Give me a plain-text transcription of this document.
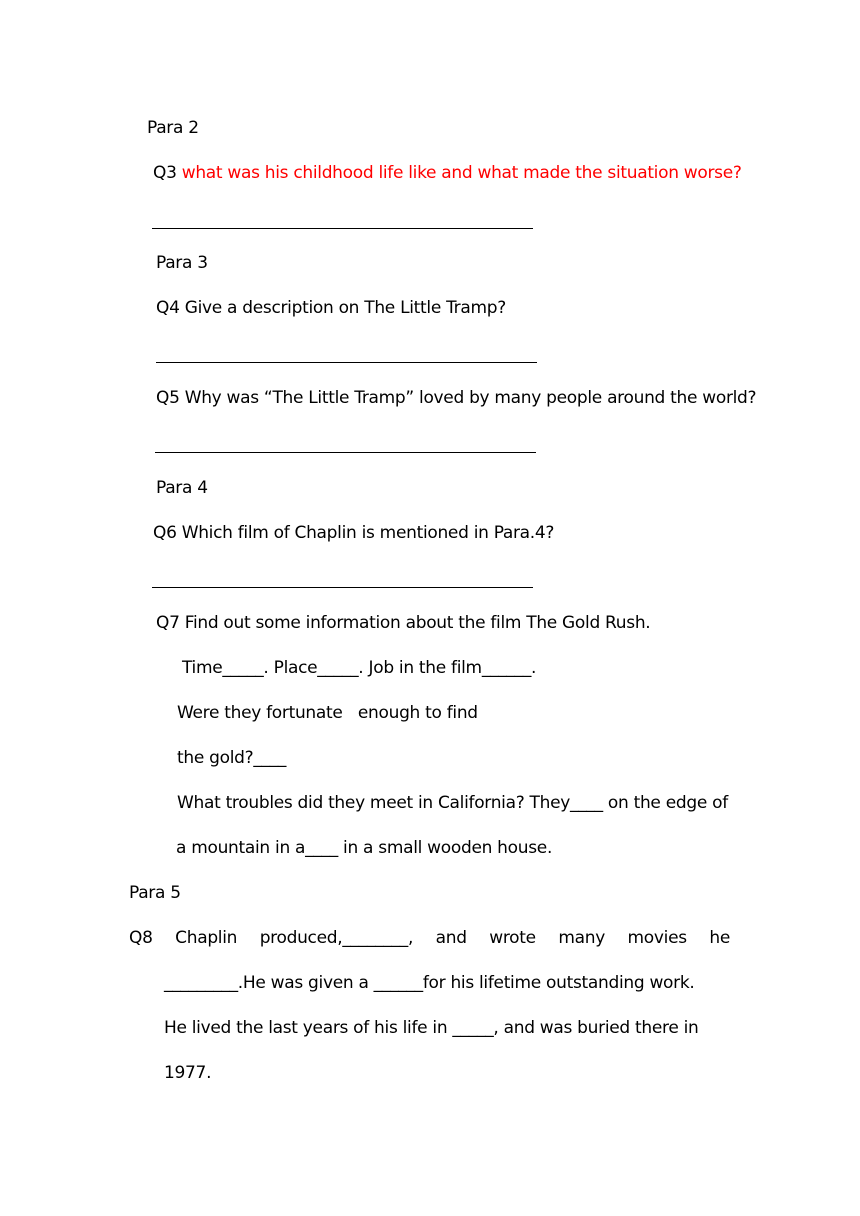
Para 2
Q3 what was his childhood life like and what made the situation worse?
Para 3
Q4 Give a description on The Little Tramp?
Q5 Why was “The Little Tramp” loved by many people around the world?
Para 4
Q6 Which film of Chaplin is mentioned in Para.4?
Q7 Find out some information about the film The Gold Rush.
Time_____. Place_____. Job in the film______.
Were they fortunate   enough to find
the gold?____
What troubles did they meet in California? They____ on the edge of
a mountain in a____ in a small wooden house.
Para 5
Q8 Chaplin produced,________, and wrote many movies he
_________.He was given a ______for his lifetime outstanding work.
He lived the last years of his life in _____, and was buried there in
1977.
